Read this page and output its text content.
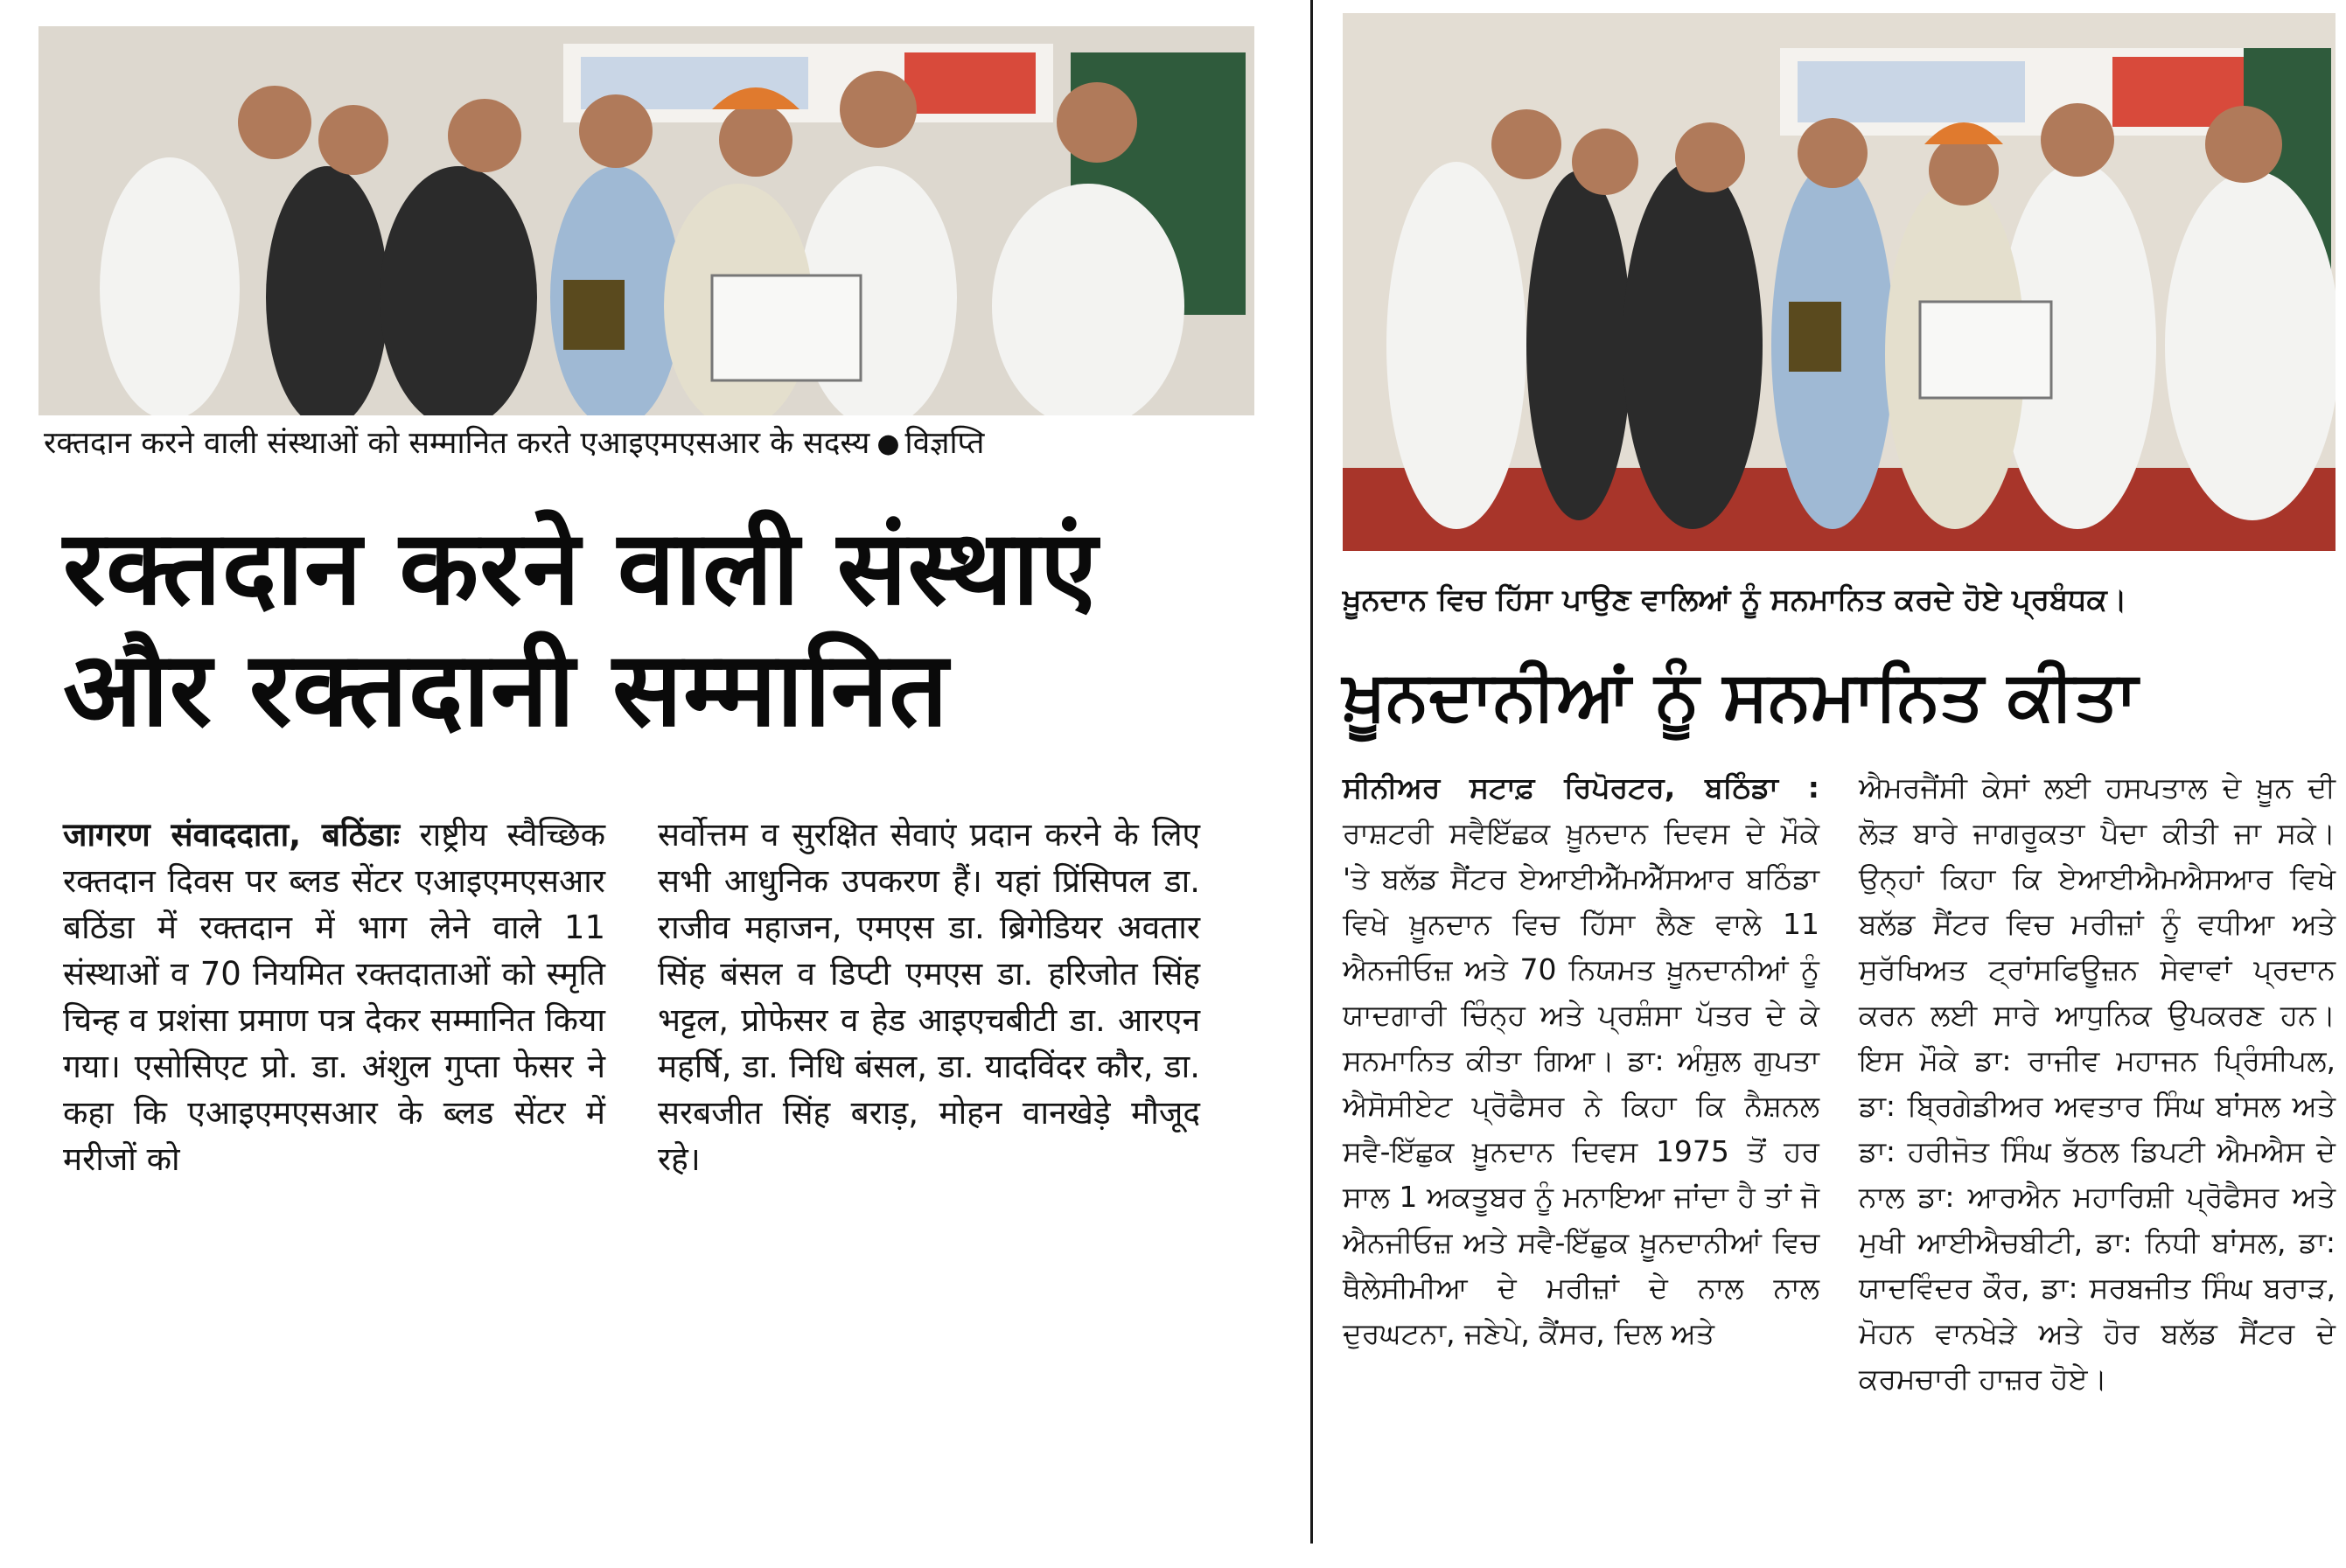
रक्तदान करने वाली संस्थाओं को सम्मानित करते एआइएमएसआर के सदस्य ● विज्ञप्ति
रक्तदान करने वाली संस्थाएं
और रक्तदानी सम्मानित
जागरण संवाददाता, बठिंडाः राष्ट्रीय स्वैच्छिक रक्तदान दिवस पर ब्लड सेंटर एआइएमएसआर बठिंडा में रक्तदान में भाग लेने वाले 11 संस्थाओं व 70 नियमित रक्तदाताओं को स्मृति चिन्ह व प्रशंसा प्रमाण पत्र देकर सम्मानित किया गया। एसोसिएट प्रो. डा. अंशुल गुप्ता फेसर ने कहा कि एआइएमएसआर के ब्लड सेंटर में मरीजों को
सर्वोत्तम व सुरक्षित सेवाएं प्रदान करने के लिए सभी आधुनिक उपकरण हैं। यहां प्रिंसिपल डा. राजीव महाजन, एमएस डा. ब्रिगेडियर अवतार सिंह बंसल व डिप्टी एमएस डा. हरिजोत सिंह भट्टल, प्रोफेसर व हेड आइएचबीटी डा. आरएन महर्षि, डा. निधि बंसल, डा. यादविंदर कौर, डा. सरबजीत सिंह बराड़, मोहन वानखेड़े मौजूद रहे।
ਖ਼ੂਨਦਾਨ ਵਿਚ ਹਿੱਸਾ ਪਾਉਣ ਵਾਲਿਆਂ ਨੂੰ ਸਨਮਾਨਿਤ ਕਰਦੇ ਹੋਏ ਪ੍ਰਬੰਧਕ।
ਖ਼ੂਨਦਾਨੀਆਂ ਨੂੰ ਸਨਮਾਨਿਤ ਕੀਤਾ
ਸੀਨੀਅਰ ਸਟਾਫ਼ ਰਿਪੋਰਟਰ, ਬਠਿੰਡਾ : ਰਾਸ਼ਟਰੀ ਸਵੈਇੱਛਕ ਖ਼ੂਨਦਾਨ ਦਿਵਸ ਦੇ ਮੌਕੇ 'ਤੇ ਬਲੱਡ ਸੈਂਟਰ ਏਆਈਐੱਮਐੱਸਆਰ ਬਠਿੰਡਾ ਵਿਖੇ ਖ਼ੂਨਦਾਨ ਵਿਚ ਹਿੱਸਾ ਲੈਣ ਵਾਲੇ 11 ਐਨਜੀਓਜ਼ ਅਤੇ 70 ਨਿਯਮਤ ਖ਼ੂਨਦਾਨੀਆਂ ਨੂੰ ਯਾਦਗਾਰੀ ਚਿੰਨ੍ਹ ਅਤੇ ਪ੍ਰਸ਼ੰਸਾ ਪੱਤਰ ਦੇ ਕੇ ਸਨਮਾਨਿਤ ਕੀਤਾ ਗਿਆ। ਡਾ: ਅੰਸ਼ੁਲ ਗੁਪਤਾ ਐਸੋਸੀਏਟ ਪ੍ਰੋਫੈਸਰ ਨੇ ਕਿਹਾ ਕਿ ਨੈਸ਼ਨਲ ਸਵੈ-ਇੱਛੁਕ ਖ਼ੂਨਦਾਨ ਦਿਵਸ 1975 ਤੋਂ ਹਰ ਸਾਲ 1 ਅਕਤੂਬਰ ਨੂੰ ਮਨਾਇਆ ਜਾਂਦਾ ਹੈ ਤਾਂ ਜੋ ਐਨਜੀਓਜ਼ ਅਤੇ ਸਵੈ-ਇੱਛੁਕ ਖ਼ੂਨਦਾਨੀਆਂ ਵਿਚ ਥੈਲੇਸੀਮੀਆ ਦੇ ਮਰੀਜ਼ਾਂ ਦੇ ਨਾਲ ਨਾਲ ਦੁਰਘਟਨਾ, ਜਣੇਪੇ, ਕੈਂਸਰ, ਦਿਲ ਅਤੇ
ਐਮਰਜੈਂਸੀ ਕੇਸਾਂ ਲਈ ਹਸਪਤਾਲ ਦੇ ਖ਼ੂਨ ਦੀ ਲੋੜ ਬਾਰੇ ਜਾਗਰੂਕਤਾ ਪੈਦਾ ਕੀਤੀ ਜਾ ਸਕੇ। ਉਨ੍ਹਾਂ ਕਿਹਾ ਕਿ ਏਆਈਐਮਐਸਆਰ ਵਿਖੇ ਬਲੱਡ ਸੈਂਟਰ ਵਿਚ ਮਰੀਜ਼ਾਂ ਨੂੰ ਵਧੀਆ ਅਤੇ ਸੁਰੱਖਿਅਤ ਟ੍ਰਾਂਸਫਿਊਜ਼ਨ ਸੇਵਾਵਾਂ ਪ੍ਰਦਾਨ ਕਰਨ ਲਈ ਸਾਰੇ ਆਧੁਨਿਕ ਉਪਕਰਣ ਹਨ। ਇਸ ਮੌਕੇ ਡਾ: ਰਾਜੀਵ ਮਹਾਜਨ ਪ੍ਰਿੰਸੀਪਲ, ਡਾ: ਬ੍ਰਿਗੇਡੀਅਰ ਅਵਤਾਰ ਸਿੰਘ ਬਾਂਸਲ ਅਤੇ ਡਾ: ਹਰੀਜੋਤ ਸਿੰਘ ਭੱਠਲ ਡਿਪਟੀ ਐਮਐਸ ਦੇ ਨਾਲ ਡਾ: ਆਰਐਨ ਮਹਾਰਿਸ਼ੀ ਪ੍ਰੋਫੈਸਰ ਅਤੇ ਮੁਖੀ ਆਈਐਚਬੀਟੀ, ਡਾ: ਨਿਧੀ ਬਾਂਸਲ, ਡਾ: ਯਾਦਵਿੰਦਰ ਕੌਰ, ਡਾ: ਸਰਬਜੀਤ ਸਿੰਘ ਬਰਾੜ, ਮੋਹਨ ਵਾਨਖੇੜੇ ਅਤੇ ਹੋਰ ਬਲੱਡ ਸੈਂਟਰ ਦੇ ਕਰਮਚਾਰੀ ਹਾਜ਼ਰ ਹੋਏ।
